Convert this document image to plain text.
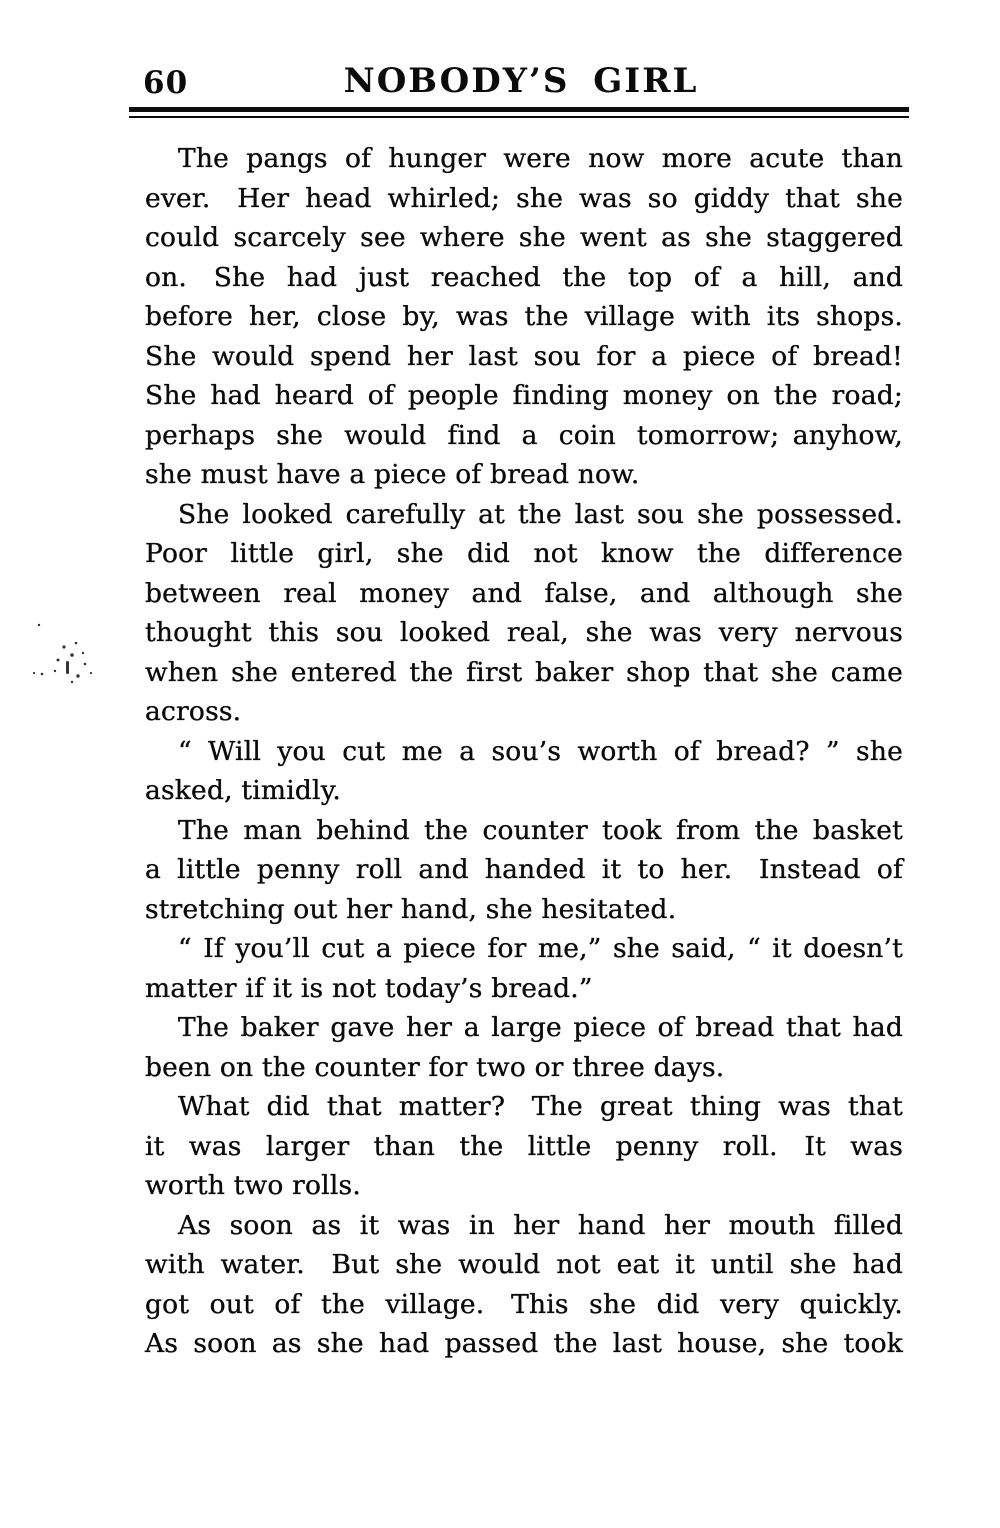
60	NOBODY’S GIRL
The pangs of hunger were now more acute than
ever. Her head whirled; she was so giddy that she
could scarcely see where she went as she staggered
on. She had just reached the top of a hill, and
before her, close by, was the village with its shops.
She would spend her last sou for a piece of bread!
She had heard of people finding money on the road;
perhaps she would find a coin tomorrow; anyhow,
she must have a piece of bread now.
She looked carefully at the last sou she possessed.
Poor little girl, she did not know the difference
between real money and false, and although she
thought this sou looked real, she was very nervous
when she entered the first baker shop that she came
across.
“ Will you cut me a sou’s worth of bread? ” she
asked, timidly.
The man behind the counter took from the basket
a little penny roll and handed it to her. Instead of
stretching out her hand, she hesitated.
“ If you’ll cut a piece for me,” she said, “ it doesn’t
matter if it is not today’s bread.”
The baker gave her a large piece of bread that had
been on the counter for two or three days.
What did that matter? The great thing was that
it was larger than the little penny roll. It was
worth two rolls.
As soon as it was in her hand her mouth filled
with water. But she would not eat it until she had
got out of the village. This she did very quickly.
As soon as she had passed the last house, she took
